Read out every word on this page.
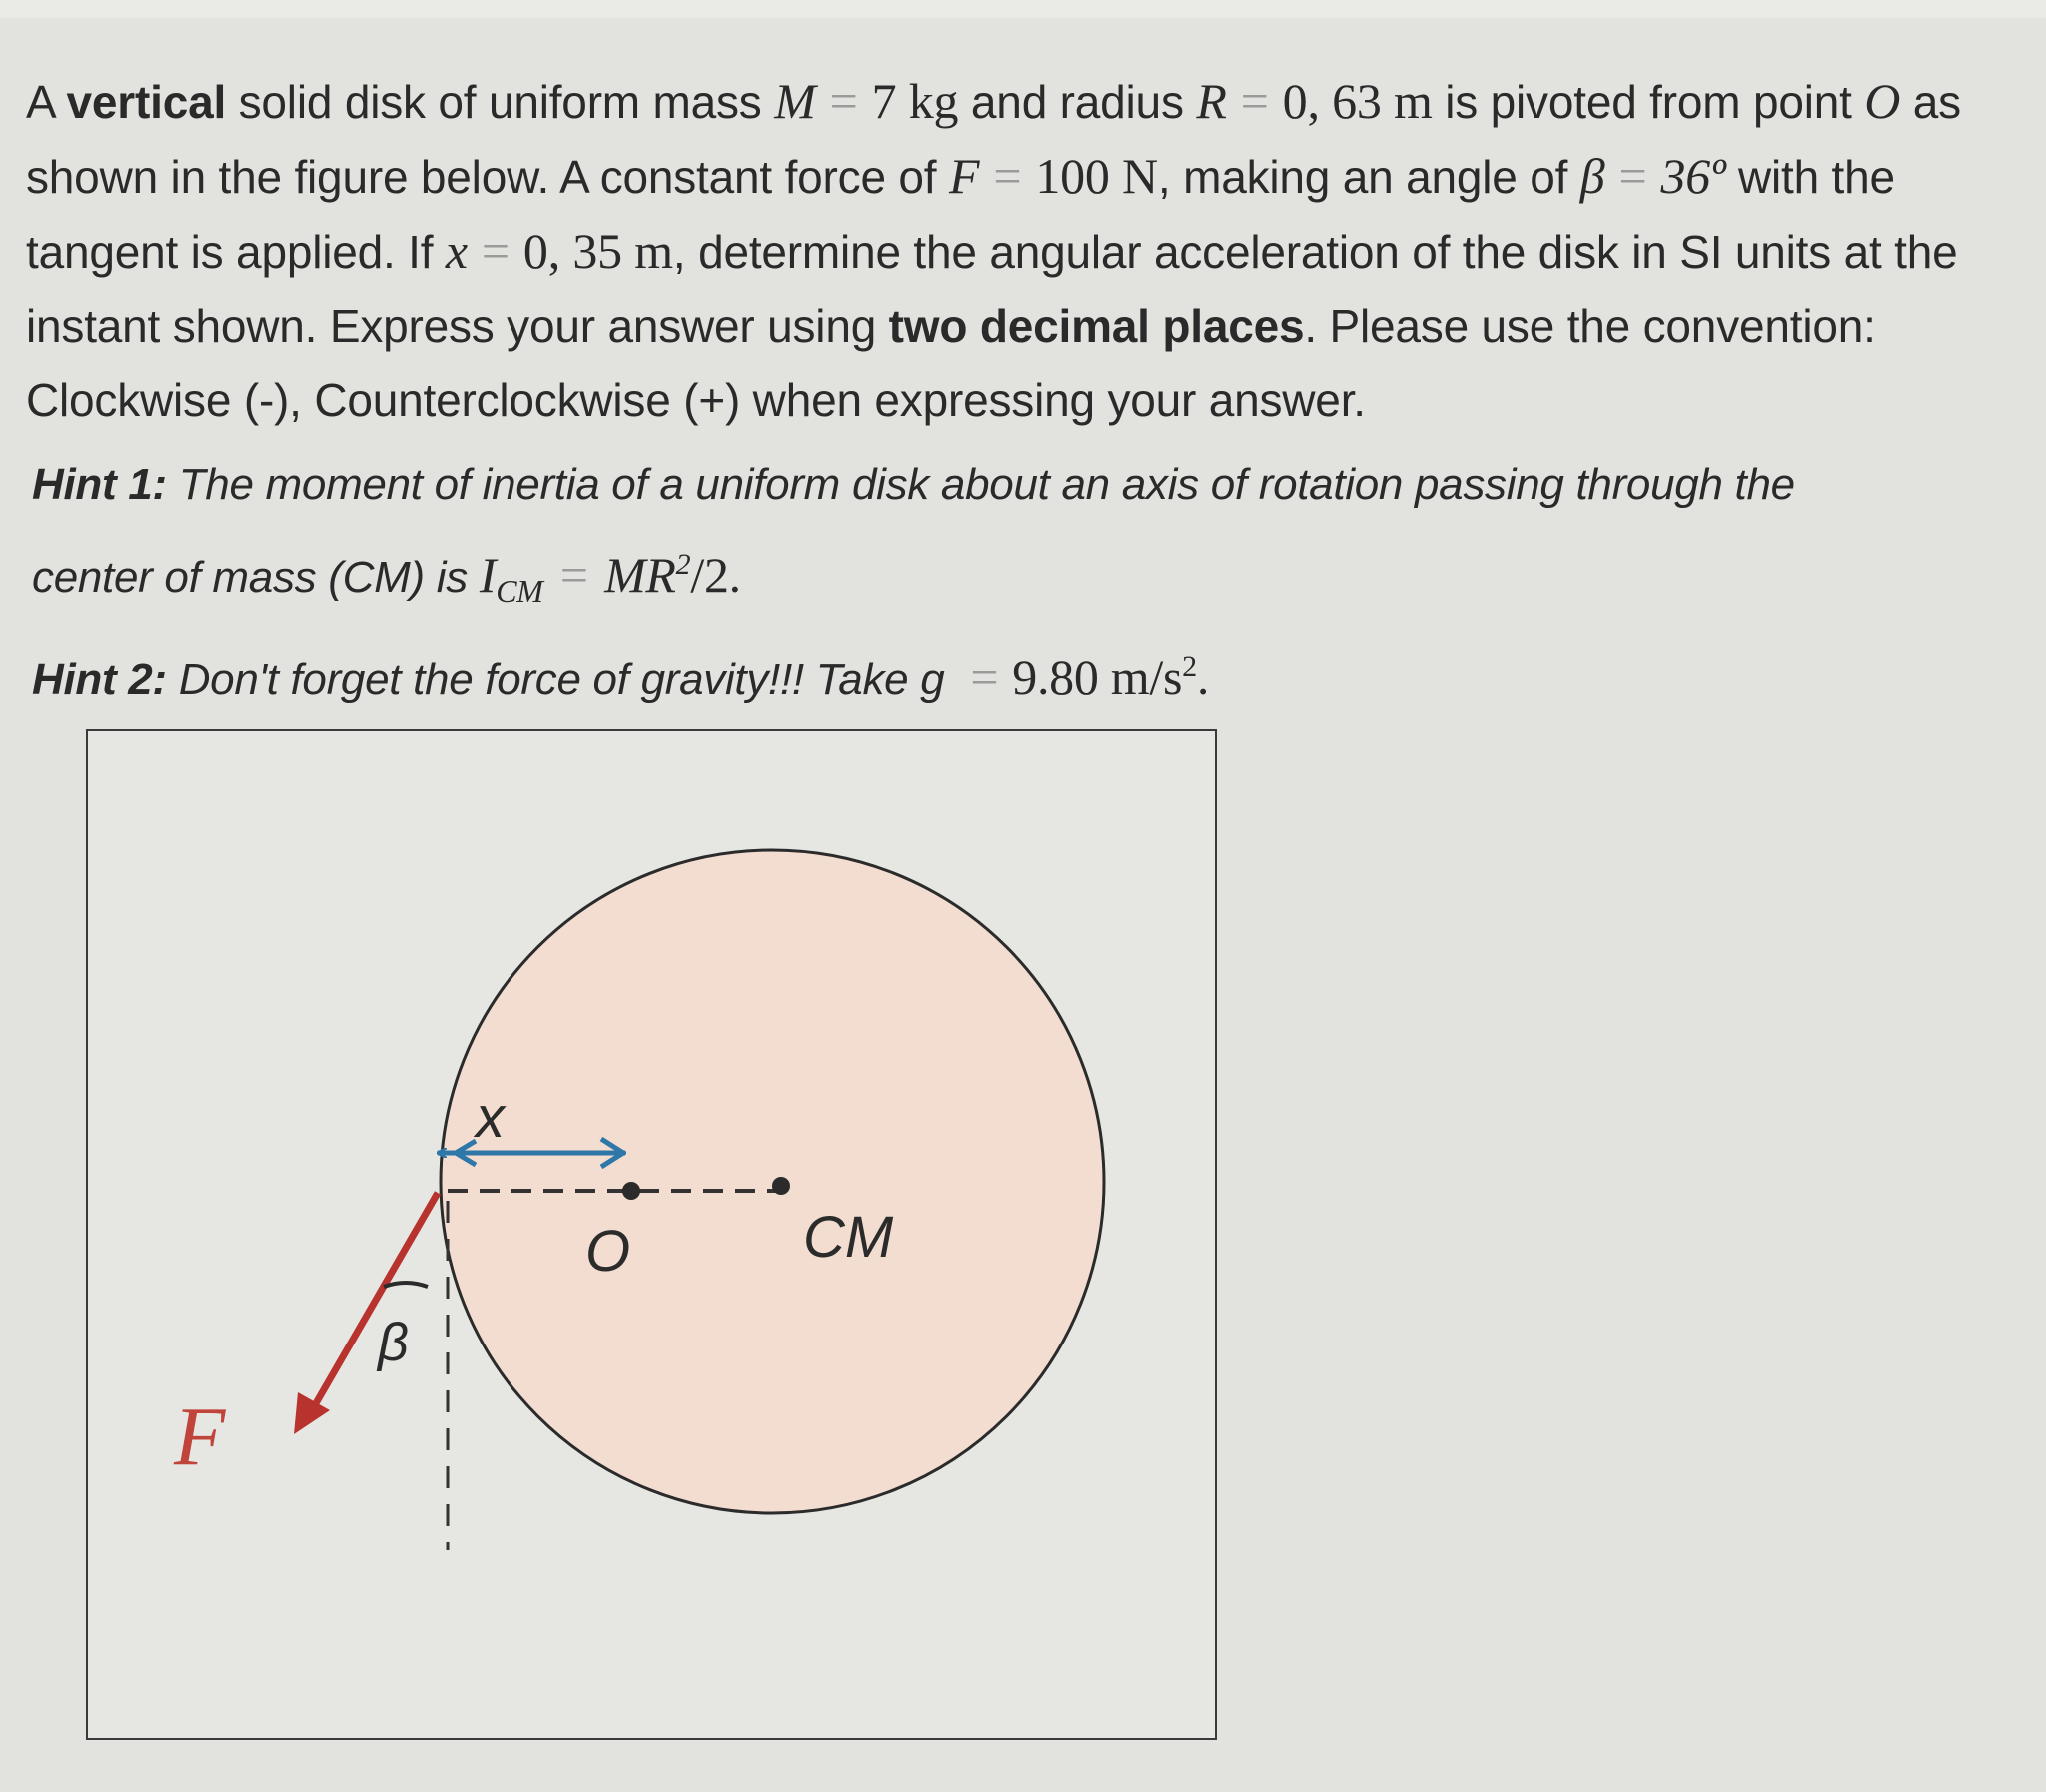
A vertical solid disk of uniform mass M = 7 kg and radius R = 0, 63 m is pivoted from point O as shown in the figure below. A constant force of F = 100 N, making an angle of β = 36º with the tangent is applied. If x = 0, 35 m, determine the angular acceleration of the disk in SI units at the instant shown. Express your answer using two decimal places. Please use the convention: Clockwise (-), Counterclockwise (+) when expressing your answer.
Hint 1: The moment of inertia of a uniform disk about an axis of rotation passing through the
center of mass (CM) is $I_{CM} = MR^2/2$.
Hint 2: Don't forget the force of gravity!!! Take g = 9.80 $m/s^2$.
x
O	CM
β
F
